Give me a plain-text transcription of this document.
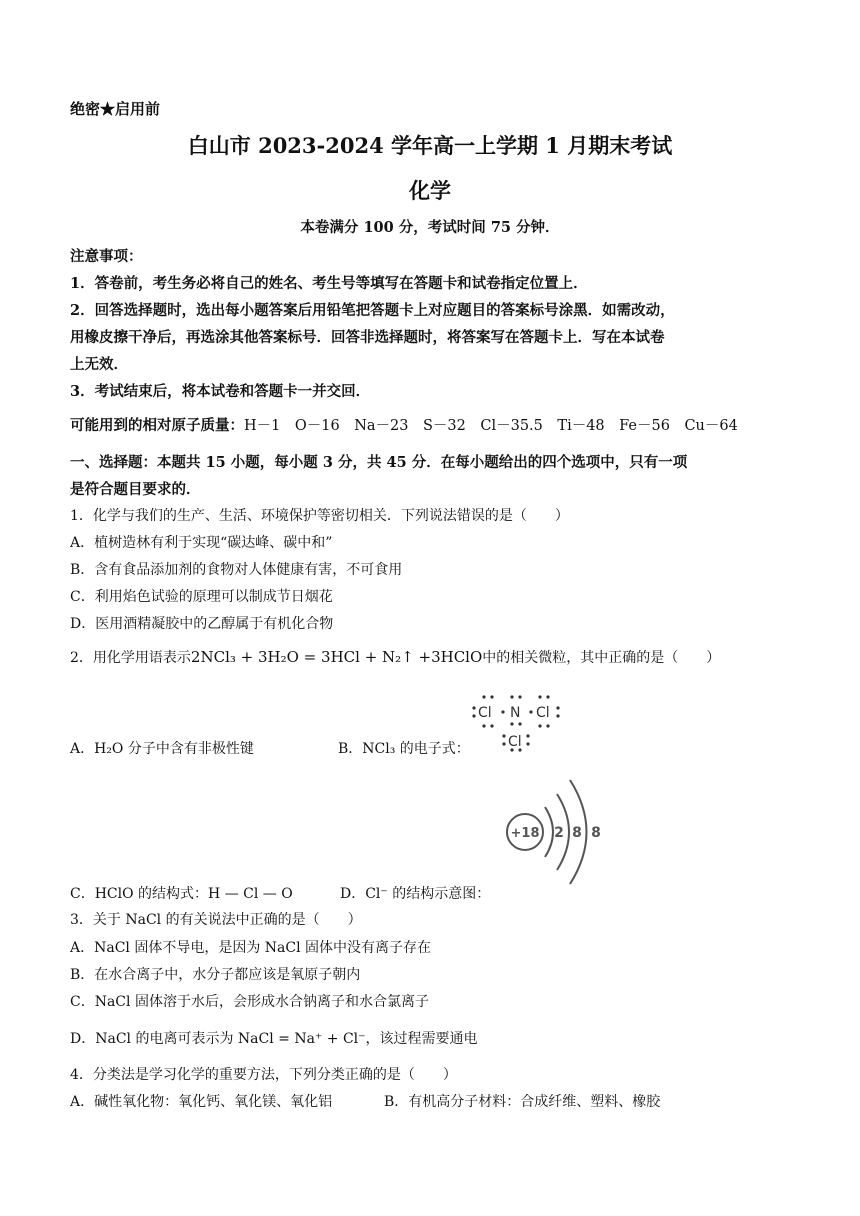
绝密★启用前
白山市 2023-2024 学年高一上学期 1 月期末考试
化学
本卷满分 100 分，考试时间 75 分钟．
注意事项：
1．答卷前，考生务必将自己的姓名、考生号等填写在答题卡和试卷指定位置上．
2．回答选择题时，选出每小题答案后用铅笔把答题卡上对应题目的答案标号涂黑．如需改动，
用橡皮擦干净后，再选涂其他答案标号．回答非选择题时，将答案写在答题卡上．写在本试卷
上无效．
3．考试结束后，将本试卷和答题卡一并交回．
可能用到的相对原子质量：H－1　O－16　Na－23　S－32　Cl－35.5　Ti－48　Fe－56　Cu－64
一、选择题：本题共 15 小题，每小题 3 分，共 45 分．在每小题给出的四个选项中，只有一项
是符合题目要求的．
1．化学与我们的生产、生活、环境保护等密切相关．下列说法错误的是（　　）
A．植树造林有利于实现“碳达峰、碳中和”
B．含有食品添加剂的食物对人体健康有害，不可食用
C．利用焰色试验的原理可以制成节日烟花
D．医用酒精凝胶中的乙醇属于有机化合物
2．用化学用语表示2NCl₃ + 3H₂O = 3HCl + N₂↑ +3HClO中的相关微粒，其中正确的是（　　）
A．H₂O 分子中含有非极性键	B．NCl₃ 的电子式：
Cl N Cl
Cl
+18 2 8 8
C．HClO 的结构式：H — Cl — O	D．Cl⁻ 的结构示意图：
3．关于 NaCl 的有关说法中正确的是（　　）
A．NaCl 固体不导电，是因为 NaCl 固体中没有离子存在
B．在水合离子中，水分子都应该是氧原子朝内
C．NaCl 固体溶于水后，会形成水合钠离子和水合氯离子
D．NaCl 的电离可表示为 NaCl = Na⁺ + Cl⁻，该过程需要通电
4．分类法是学习化学的重要方法，下列分类正确的是（　　）
A．碱性氧化物：氧化钙、氧化镁、氧化铝	B．有机高分子材料：合成纤维、塑料、橡胶
